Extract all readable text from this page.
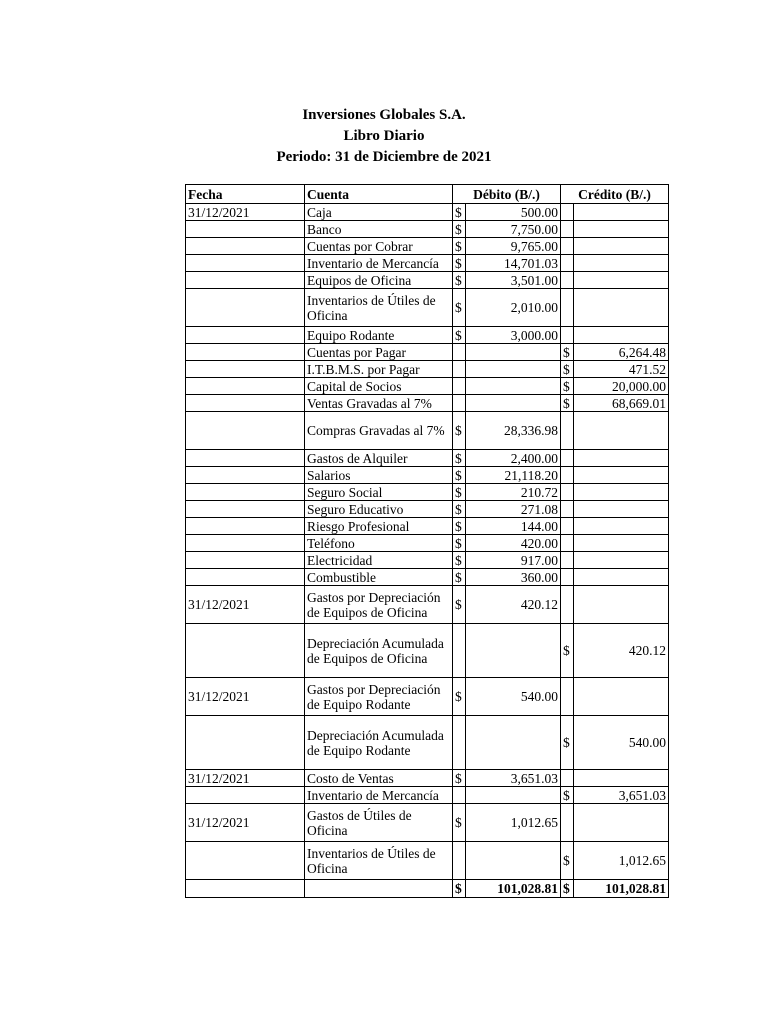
Inversiones Globales S.A.
Libro Diario
Periodo: 31 de Diciembre de 2021
Fecha	Cuenta	Débito (B/.)		Crédito (B/.)	
31/12/2021	Caja	$	500.00		
	Banco	$	7,750.00		
	Cuentas por Cobrar	$	9,765.00		
	Inventario de Mercancía	$	14,701.03		
	Equipos de Oficina	$	3,501.00		
	Inventarios de Útiles de Oficina	$	2,010.00		
	Equipo Rodante	$	3,000.00		
	Cuentas por Pagar			$	6,264.48
	I.T.B.M.S. por Pagar			$	471.52
	Capital de Socios			$	20,000.00
	Ventas Gravadas al 7%			$	68,669.01
	Compras Gravadas al 7%	$	28,336.98		
	Gastos de Alquiler	$	2,400.00		
	Salarios	$	21,118.20		
	Seguro Social	$	210.72		
	Seguro Educativo	$	271.08		
	Riesgo Profesional	$	144.00		
	Teléfono	$	420.00		
	Electricidad	$	917.00		
	Combustible	$	360.00		
31/12/2021	Gastos por Depreciación de Equipos de Oficina	$	420.12		
	Depreciación Acumulada de Equipos de Oficina			$	420.12
31/12/2021	Gastos por Depreciación de Equipo Rodante	$	540.00		
	Depreciación Acumulada de Equipo Rodante			$	540.00
31/12/2021	Costo de Ventas	$	3,651.03		
	Inventario de Mercancía			$	3,651.03
31/12/2021	Gastos de Útiles de Oficina	$	1,012.65		
	Inventarios de Útiles de Oficina			$	1,012.65
		$	101,028.81	$	101,028.81
